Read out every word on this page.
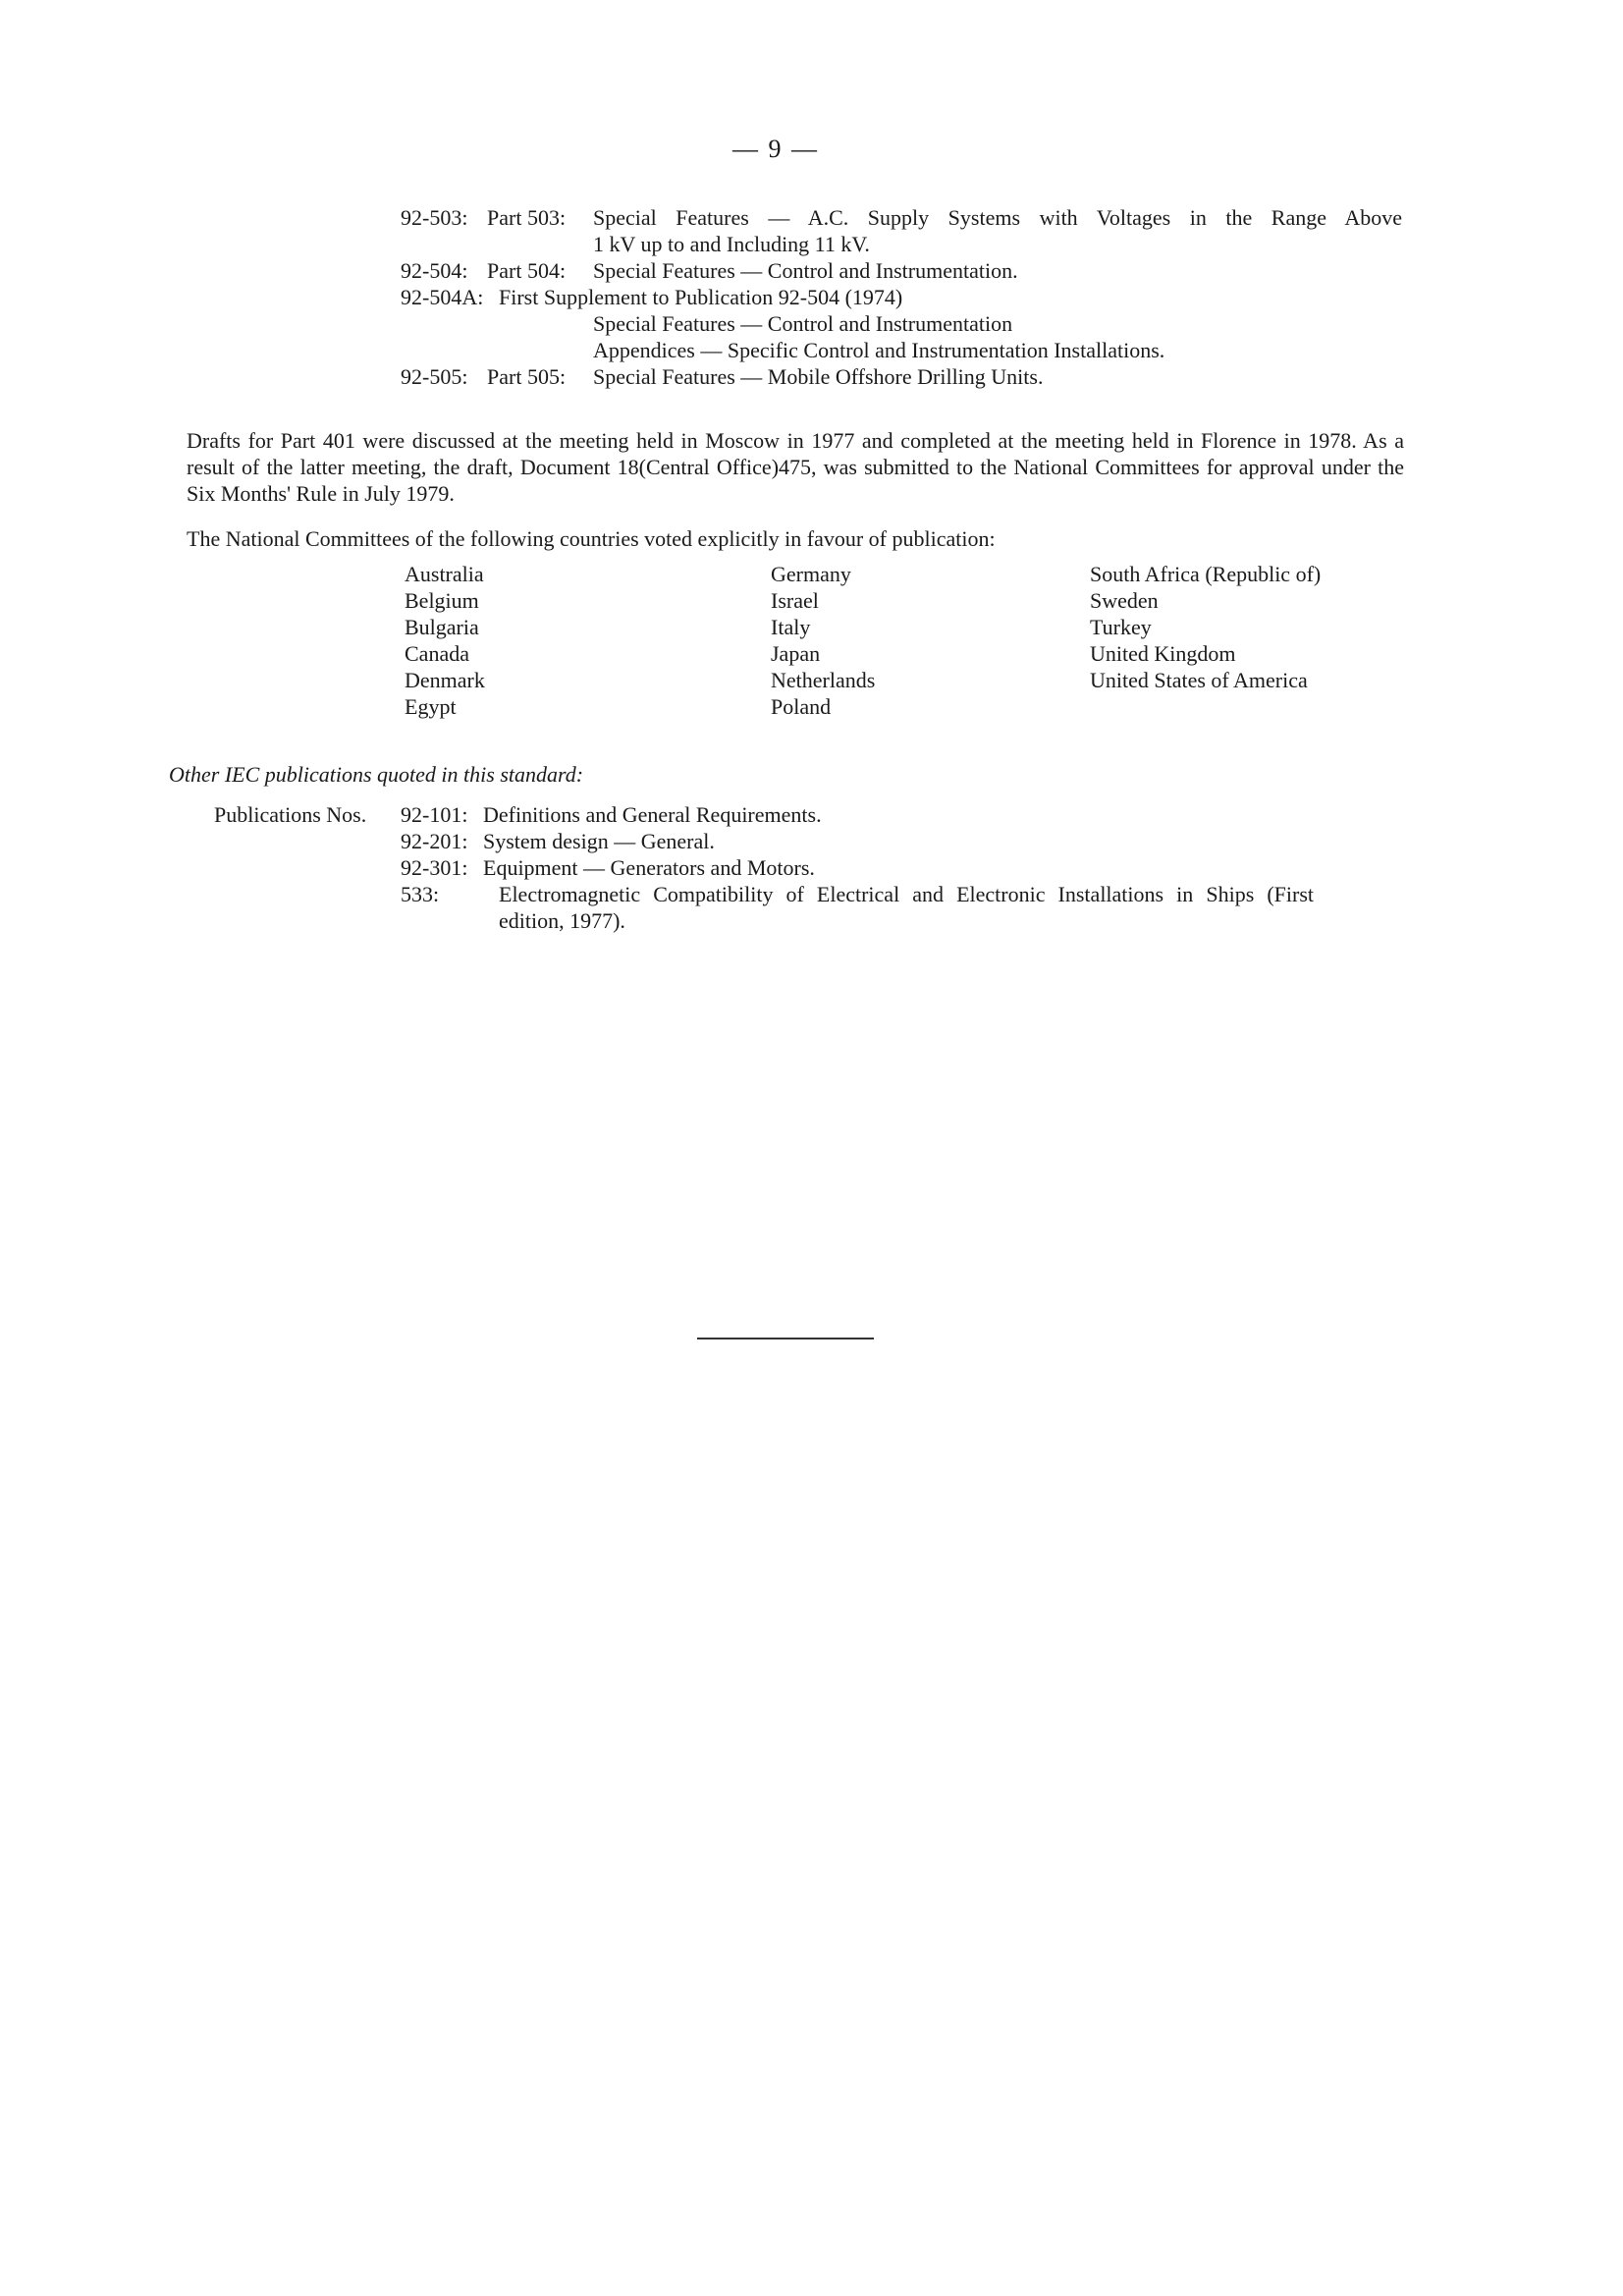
— 9 —
92-503: Part 503: Special Features — A.C. Supply Systems with Voltages in the Range Above
1 kV up to and Including 11 kV.
92-504: Part 504: Special Features — Control and Instrumentation.
92-504A: First Supplement to Publication 92-504 (1974)
Special Features — Control and Instrumentation
Appendices — Specific Control and Instrumentation Installations.
92-505: Part 505: Special Features — Mobile Offshore Drilling Units.

Drafts for Part 401 were discussed at the meeting held in Moscow in 1977 and completed at the meeting held in Florence in 1978. As a result of the latter meeting, the draft, Document 18(Central Office)475, was submitted to the National Committees for approval under the Six Months' Rule in July 1979.

The National Committees of the following countries voted explicitly in favour of publication:

Australia
Belgium
Bulgaria
Canada
Denmark
Egypt
Germany
Israel
Italy
Japan
Netherlands
Poland
South Africa (Republic of)
Sweden
Turkey
United Kingdom
United States of America
Other IEC publications quoted in this standard:
Publications Nos. 92-101: Definitions and General Requirements.
92-201: System design — General.
92-301: Equipment — Generators and Motors.
533:	Electromagnetic Compatibility of Electrical and Electronic Installations in Ships (First edition, 1977).
